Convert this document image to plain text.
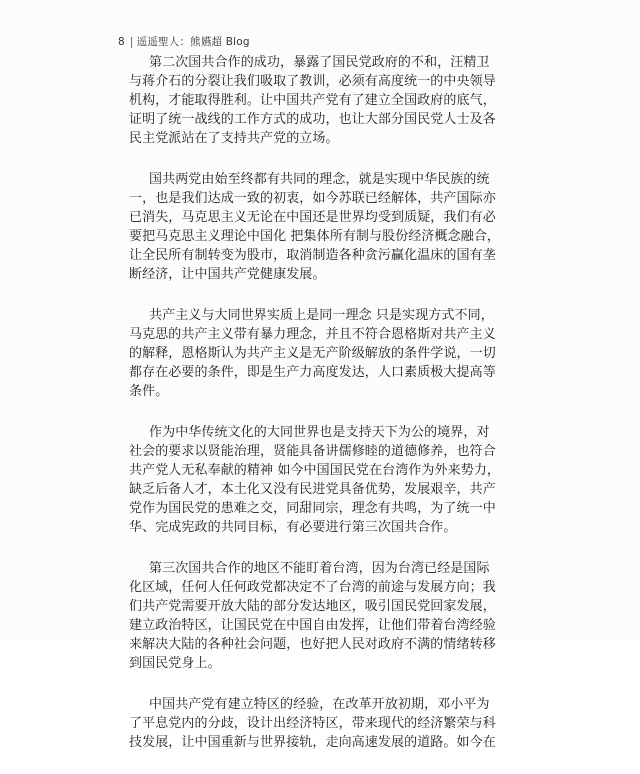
8 | 遥遥聖人：熊嬿超 Blog
第二次国共合作的成功，暴露了国民党政府的不和，汪精卫
与蒋介石的分裂让我们吸取了教训，必须有高度统一的中央领导
机构，才能取得胜利。让中国共产党有了建立全国政府的底气，
证明了统一战线的工作方式的成功，也让大部分国民党人士及各
民主党派站在了支持共产党的立场。
国共两党由始至终都有共同的理念，就是实现中华民族的统
一，也是我们达成一致的初衷，如今苏联已经解体，共产国际亦
已消失，马克思主义无论在中国还是世界均受到质疑，我们有必
要把马克思主义理论中国化 把集体所有制与股份经济概念融合，
让全民所有制转变为股市，取消制造各种贪污贏化温床的国有垄
断经济，让中国共产党健康发展。
共产主义与大同世界实质上是同一理念 只是实现方式不同，
马克思的共产主义带有暴力理念，并且不符合恩格斯对共产主义
的解释，恩格斯认为共产主义是无产阶级解放的条件学说，一切
都存在必要的条件，即是生产力高度发达，人口素质极大提高等
条件。
作为中华传统文化的大同世界也是支持天下为公的境界，对
社会的要求以贤能治理，贤能具备讲儒修睦的道德修养，也符合
共产党人无私奉献的精神 如今中国国民党在台湾作为外来势力，
缺乏后备人才，本土化又没有民进党具备优势，发展艰辛，共产
党作为国民党的患难之交，同甜同宗，理念有共鸣，为了统一中
华、完成宪政的共同目标，有必要进行第三次国共合作。
第三次国共合作的地区不能盯着台湾，因为台湾已经是国际
化区域，任何人任何政党都决定不了台湾的前途与发展方向；我
们共产党需要开放大陆的部分发达地区，吸引国民党回家发展，
建立政治特区，让国民党在中国自由发挥，让他们带着台湾经验
来解决大陆的各种社会问题，也好把人民对政府不满的情绪转移
到国民党身上。
中国共产党有建立特区的经验，在改革开放初期，邓小平为
了平息党内的分歧，设计出经济特区，带来现代的经济繁荣与科
技发展，让中国重新与世界接轨，走向高速发展的道路。如今在
